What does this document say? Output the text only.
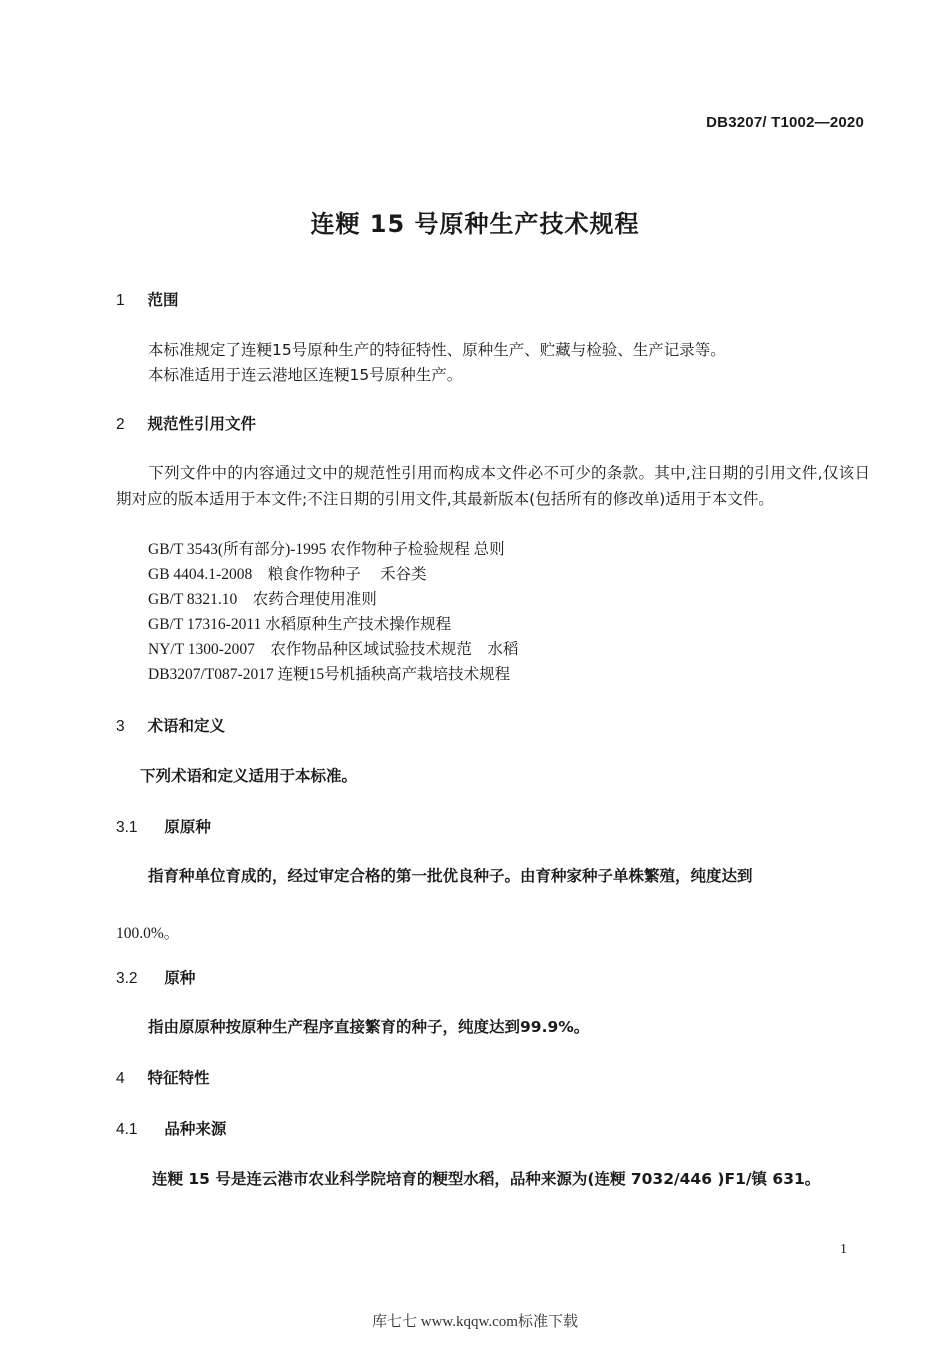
DB3207/ T1002—2020
连粳 15 号原种生产技术规程
1 范围
本标准规定了连粳15号原种生产的特征特性、原种生产、贮藏与检验、生产记录等。
本标准适用于连云港地区连粳15号原种生产。
2 规范性引用文件
下列文件中的内容通过文中的规范性引用而构成本文件必不可少的条款。其中,注日期的引用文件,仅该日期对应的版本适用于本文件;不注日期的引用文件,其最新版本(包括所有的修改单)适用于本文件。
GB/T 3543(所有部分)-1995 农作物种子检验规程 总则
GB 4404.1-2008　粮食作物种子　 禾谷类
GB/T 8321.10　农药合理使用准则
GB/T 17316-2011 水稻原种生产技术操作规程
NY/T 1300-2007　农作物品种区域试验技术规范　水稻
DB3207/T087-2017 连粳15号机插秧高产栽培技术规程
3 术语和定义
下列术语和定义适用于本标准。
3.1 原原种
指育种单位育成的，经过审定合格的第一批优良种子。由育种家种子单株繁殖，纯度达到
100.0%。
3.2 原种
指由原原种按原种生产程序直接繁育的种子，纯度达到99.9%。
4 特征特性
4.1 品种来源
连粳 15 号是连云港市农业科学院培育的粳型水稻，品种来源为(连粳 7032/446 )F1/镇 631。
1
库七七 www.kqqw.com标准下载
